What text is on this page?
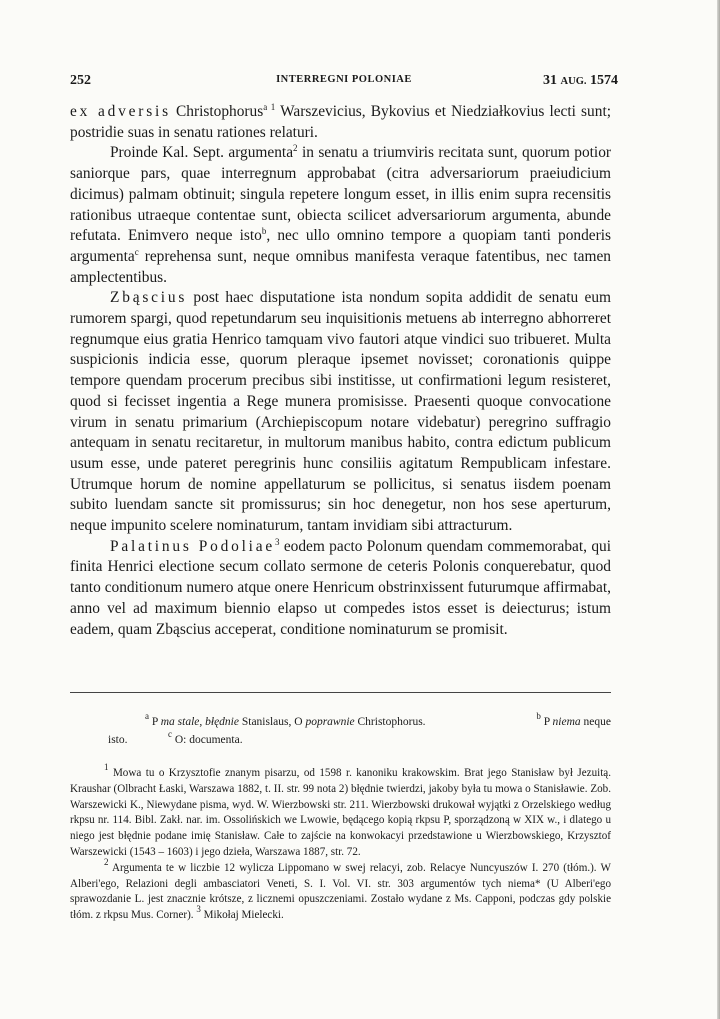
252	INTERREGNI POLONIAE	31 AUG. 1574

ex adversis Christophorus$^{a 1}$ Warszevicius, Bykovius et Niedziałkovius lecti sunt; postridie suas in senatu rationes relaturi.

Proinde Kal. Sept. argumenta$^2$ in senatu a triumviris recitata sunt, quorum potior saniorque pars, quae interregnum approbabat (citra adversariorum praeiudicium dicimus) palmam obtinuit; singula repetere longum esset, in illis enim supra recensitis rationibus utraeque contentae sunt, obiecta scilicet adversariorum argumenta, abunde refutata. Enimvero neque isto$^b$, nec ullo omnino tempore a quopiam tanti ponderis argumenta$^c$ reprehensa sunt, neque omnibus manifesta veraque fatentibus, nec tamen amplectentibus.

Zbąscius post haec disputatione ista nondum sopita addidit de senatu eum rumorem spargi, quod repetundarum seu inquisitionis metuens ab interregno abhorreret regnumque eius gratia Henrico tamquam vivo fautori atque vindici suo tribueret. Multa suspicionis indicia esse, quorum pleraque ipsemet novisset; coronationis quippe tempore quendam procerum precibus sibi institisse, ut confirmationi legum resisteret, quod si fecisset ingentia a Rege munera promisisse. Praesenti quoque convocatione virum in senatu primarium (Archiepiscopum notare videbatur) peregrino suffragio antequam in senatu recitaretur, in multorum manibus habito, contra edictum publicum usum esse, unde pateret peregrinis hunc consiliis agitatum Rempublicam infestare. Utrumque horum de nomine appellaturum se pollicitus, si senatus iisdem poenam subito luendam sancte sit promissurus; sin hoc denegetur, non hos sese aperturum, neque impunito scelere nominaturum, tantam invidiam sibi attracturum.

Palatinus Podoliae$^3$ eodem pacto Polonum quendam commemorabat, qui finita Henrici electione secum collato sermone de ceteris Polonis conquerebatur, quod tanto conditionum numero atque onere Henricum obstrinxissent futurumque affirmabat, anno vel ad maximum biennio elapso ut compedes istos esset is deiecturus; istum eadem, quam Zbąscius acceperat, conditione nominaturum se promisit.

$^a$ P ma stale, błędnie Stanislaus, O poprawnie Christophorus.	$^b$ P niema neque
isto.	$^c$ O: documenta.

$^1$ Mowa tu o Krzysztofie znanym pisarzu, od 1598 r. kanoniku krakowskim. Brat jego Stanisław był Jezuitą. Kraushar (Olbracht Łaski, Warszawa 1882, t. II. str. 99 nota 2) błędnie twierdzi, jakoby była tu mowa o Stanisławie. Zob. Warszewicki K., Niewydane pisma, wyd. W. Wierzbowski str. 211. Wierzbowski drukował wyjątki z Orzelskiego według rkpsu nr. 114. Bibl. Zakł. nar. im. Ossolińskich we Lwowie, będącego kopią rkpsu P, sporządzoną w XIX w., i dlatego u niego jest błędnie podane imię Stanisław. Całe to zajście na konwokacyi przedstawione u Wierzbowskiego, Krzysztof Warszewicki (1543 – 1603) i jego dzieła, Warszawa 1887, str. 72.

$^2$ Argumenta te w liczbie 12 wylicza Lippomano w swej relacyi, zob. Relacye Nuncyuszów I. 270 (tłóm.). W Alberi'ego, Relazioni degli ambasciatori Veneti, S. I. Vol. VI. str. 303 argumentów tych niema* (U Alberi'ego sprawozdanie L. jest znacznie krótsze, z licznemi opuszczeniami. Zostało wydane z Ms. Capponi, podczas gdy polskie tłóm. z rkpsu Mus. Corner). $^3$ Mikołaj Mielecki.
